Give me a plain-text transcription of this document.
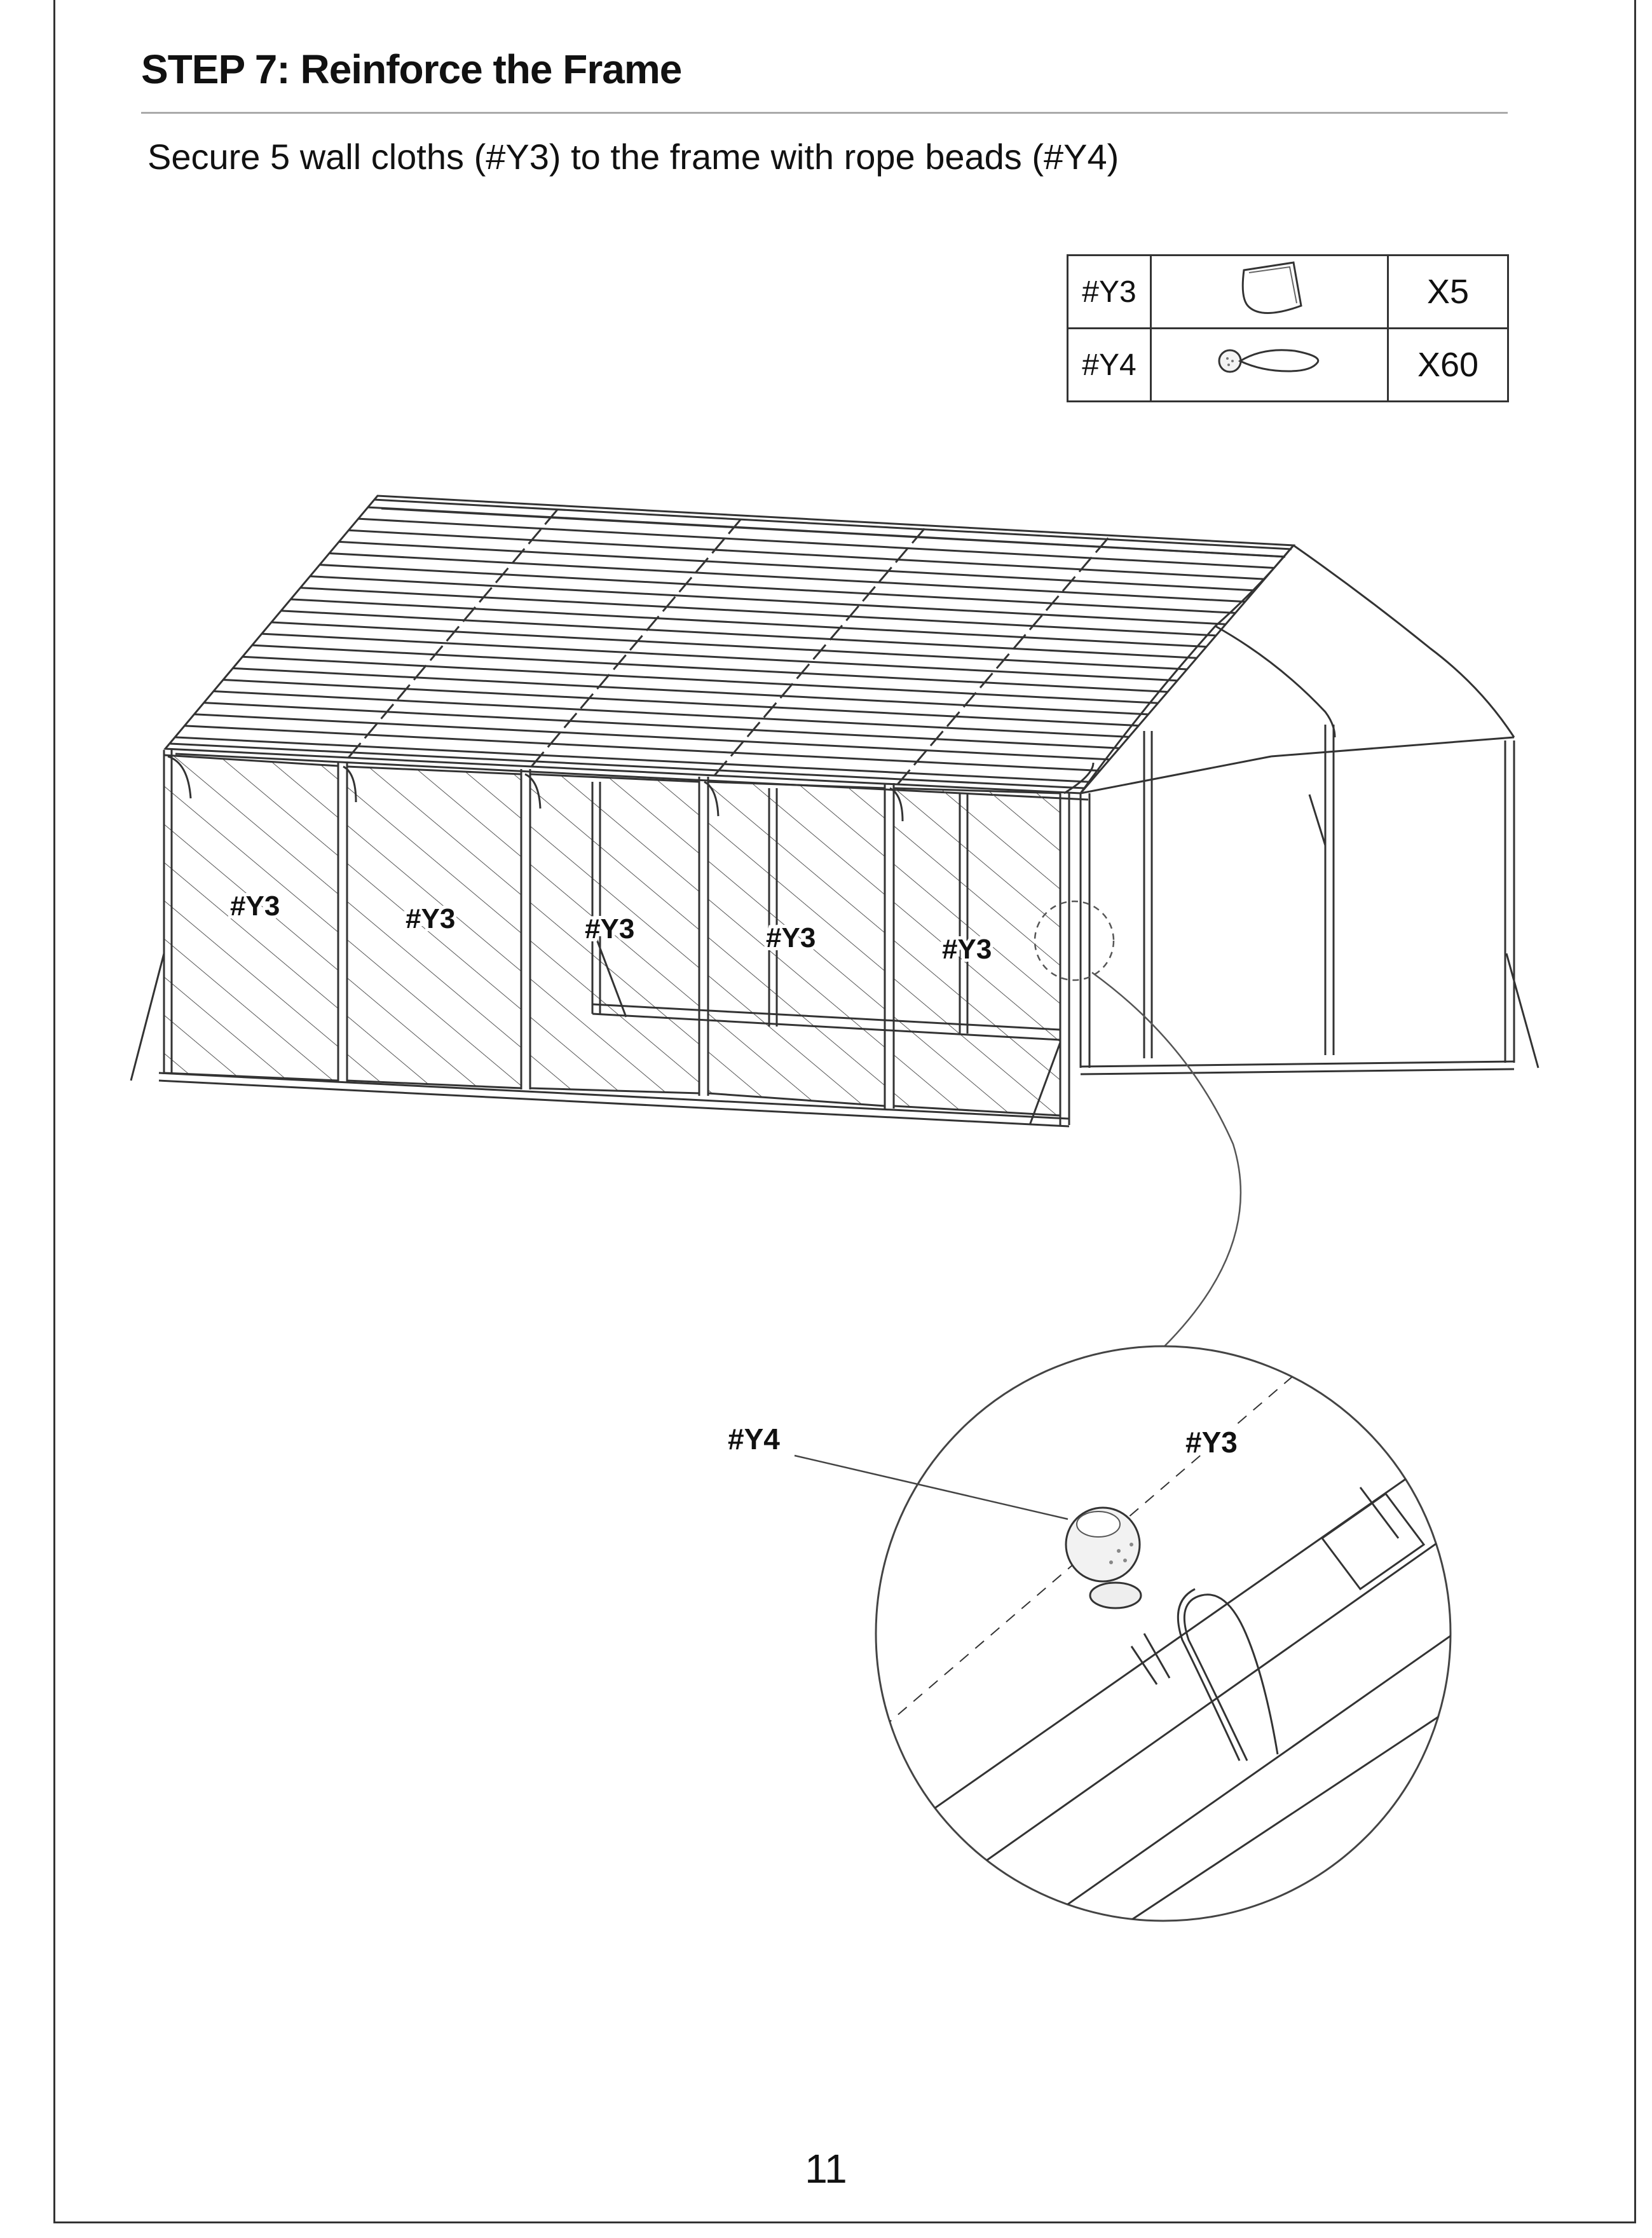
STEP 7: Reinforce the Frame

Secure 5 wall cloths (#Y3) to the frame with rope beads (#Y4)

#Y3		X5
#Y4		X60
#Y3	#Y3	#Y3	#Y3	#Y3
#Y4	#Y3
11
